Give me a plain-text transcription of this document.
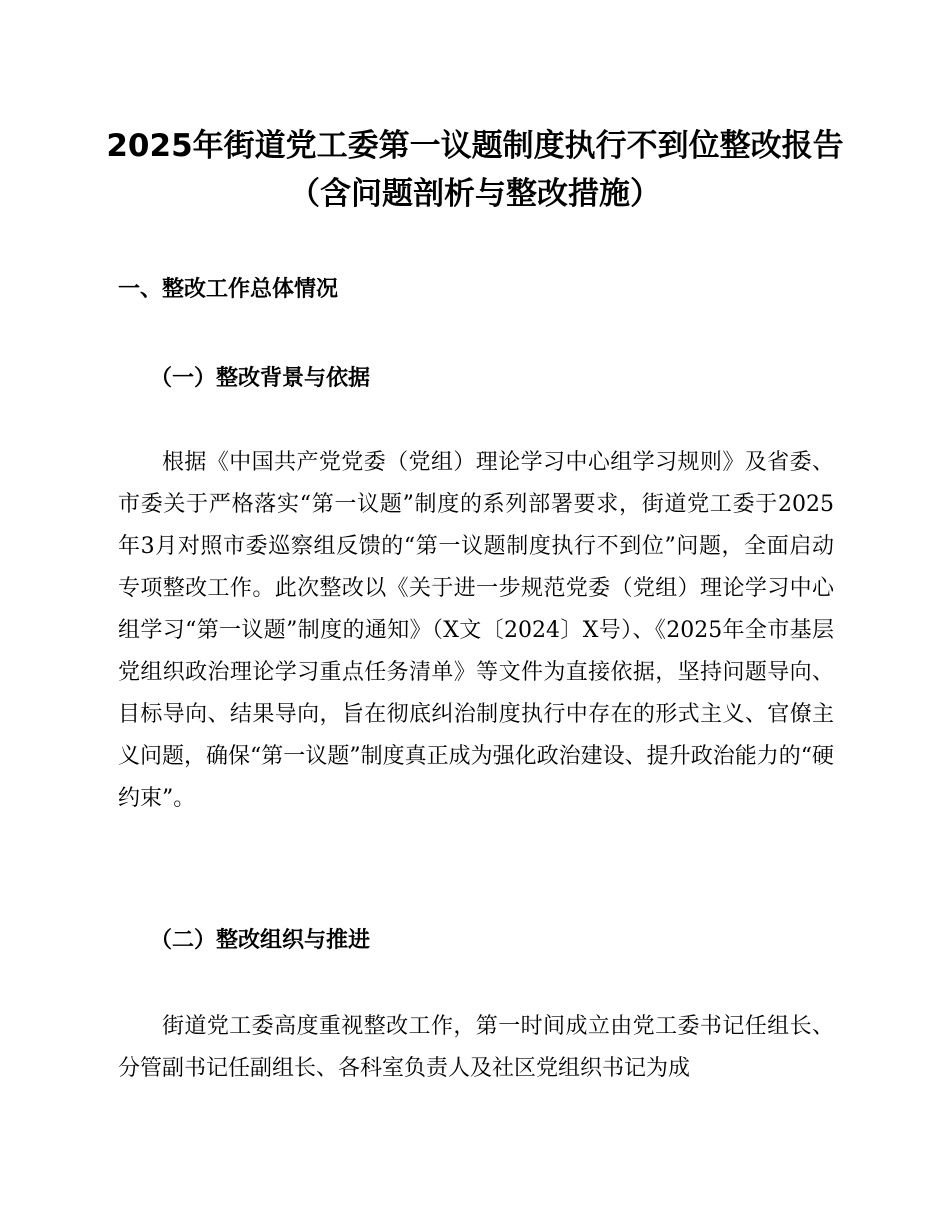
2025年街道党工委第一议题制度执行不到位整改报告（含问题剖析与整改措施）
一、整改工作总体情况
（一）整改背景与依据

根据《中国共产党党委（党组）理论学习中心组学习规则》及省委、市委关于严格落实“第一议题”制度的系列部署要求，街道党工委于2025年3月对照市委巡察组反馈的“第一议题制度执行不到位”问题，全面启动专项整改工作。此次整改以《关于进一步规范党委（党组）理论学习中心组学习“第一议题”制度的通知》（X文〔2024〕X号）、《2025年全市基层党组织政治理论学习重点任务清单》等文件为直接依据，坚持问题导向、目标导向、结果导向，旨在彻底纠治制度执行中存在的形式主义、官僚主义问题，确保“第一议题”制度真正成为强化政治建设、提升政治能力的“硬约束”。

（二）整改组织与推进

街道党工委高度重视整改工作，第一时间成立由党工委书记任组长、分管副书记任副组长、各科室负责人及社区党组织书记为成
